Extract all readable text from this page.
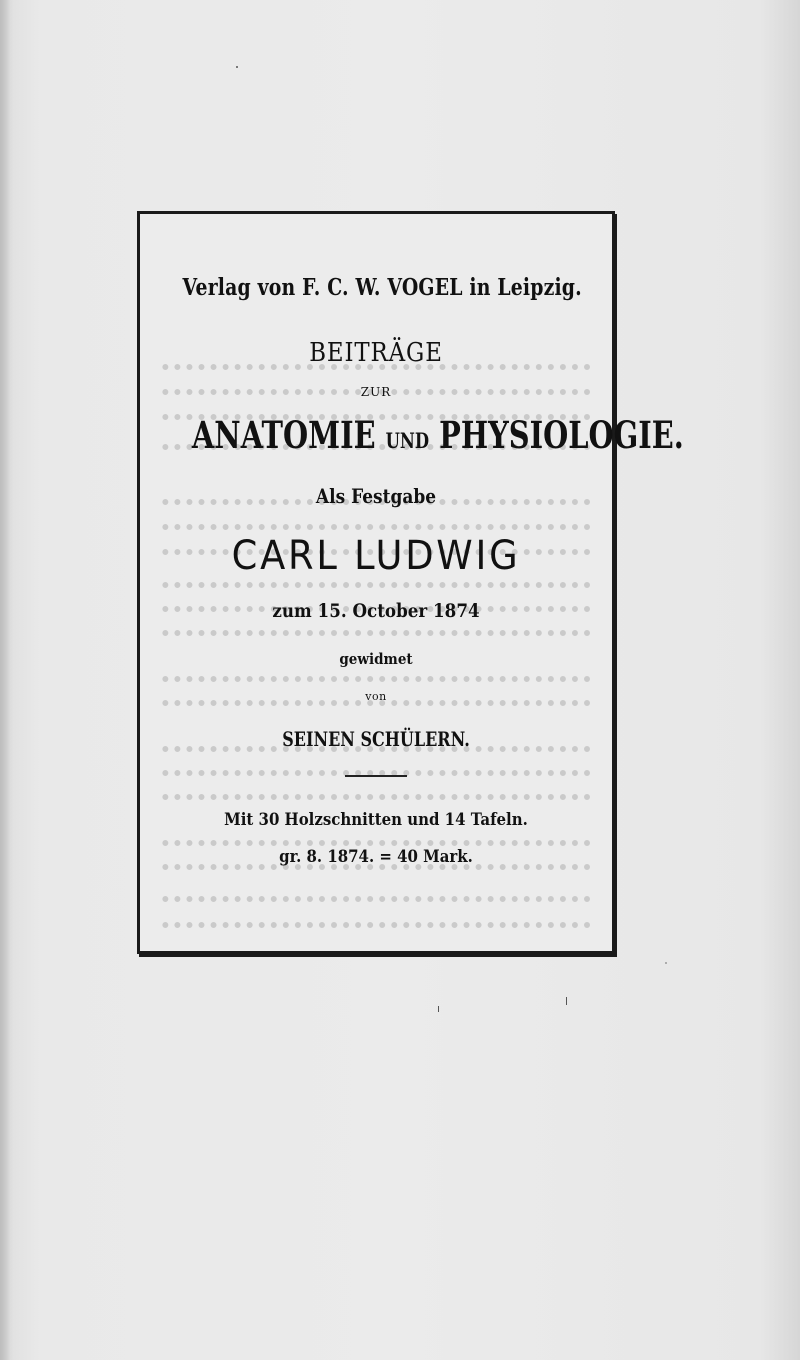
Verlag von F. C. W. VOGEL in Leipzig.
BEITRÄGE
ZUR
ANATOMIE UND PHYSIOLOGIE.
Als Festgabe
CARL LUDWIG
zum 15. October 1874
gewidmet
von
SEINEN SCHÜLERN.
Mit 30 Holzschnitten und 14 Tafeln.
gr. 8. 1874. = 40 Mark.
